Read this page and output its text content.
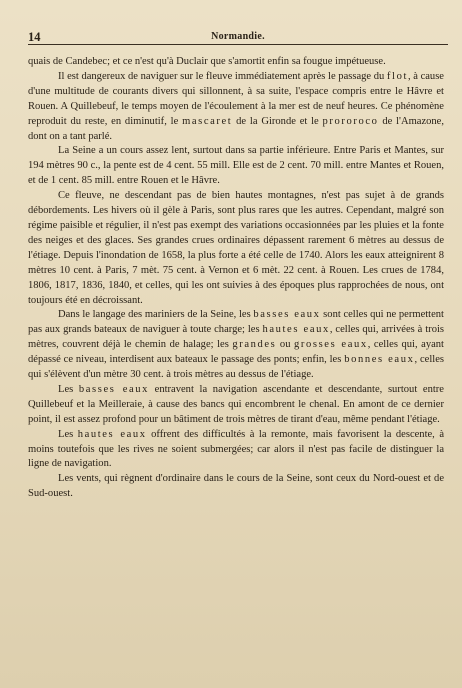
14	Normandie.

quais de Candebec; et ce n'est qu'à Duclair que s'amortit enfin sa fougue impétueuse.

Il est dangereux de naviguer sur le fleuve immédiatement après le passage du flot, à cause d'une multitude de courants divers qui sillonnent, à sa suite, l'espace compris entre le Hâvre et Rouen. A Quillebeuf, le temps moyen de l'écoulement à la mer est de neuf heures. Ce phénomène reproduit du reste, en diminutif, le mascaret de la Gironde et le prororoco de l'Amazone, dont on a tant parlé.

La Seine a un cours assez lent, surtout dans sa partie inférieure. Entre Paris et Mantes, sur 194 mètres 90 c., la pente est de 4 cent. 55 mill. Elle est de 2 cent. 70 mill. entre Mantes et Rouen, et de 1 cent. 85 mill. entre Rouen et le Hâvre.

Ce fleuve, ne descendant pas de bien hautes montagnes, n'est pas sujet à de grands débordements. Les hivers où il gèle à Paris, sont plus rares que les autres. Cependant, malgré son régime paisible et régulier, il n'est pas exempt des variations occasionnées par les pluies et la fonte des neiges et des glaces. Ses grandes crues ordinaires dépassent rarement 6 mètres au dessus de l'étiage. Depuis l'inondation de 1658, la plus forte a été celle de 1740. Alors les eaux atteignirent 8 mètres 10 cent. à Paris, 7 mèt. 75 cent. à Vernon et 6 mèt. 22 cent. à Rouen. Les crues de 1784, 1806, 1817, 1836, 1840, et celles, qui les ont suivies à des époques plus rapprochées de nous, ont toujours été en décroissant.

Dans le langage des mariniers de la Seine, les basses eaux sont celles qui ne permettent pas aux grands bateaux de naviguer à toute charge; les hautes eaux, celles qui, arrivées à trois mètres, couvrent déjà le chemin de halage; les grandes ou grosses eaux, celles qui, ayant dépassé ce niveau, interdisent aux bateaux le passage des ponts; enfin, les bonnes eaux, celles qui s'élèvent d'un mètre 30 cent. à trois mètres au dessus de l'étiage.

Les basses eaux entravent la navigation ascendante et descendante, surtout entre Quillebeuf et la Meilleraie, à cause des bancs qui encombrent le chenal. En amont de ce dernier point, il est assez profond pour un bâtiment de trois mètres de tirant d'eau, même pendant l'étiage.

Les hautes eaux offrent des difficultés à la remonte, mais favorisent la descente, à moins toutefois que les rives ne soient submergées; car alors il n'est pas facile de distinguer la ligne de navigation.

Les vents, qui règnent d'ordinaire dans le cours de la Seine, sont ceux du Nord-ouest et de Sud-ouest.
